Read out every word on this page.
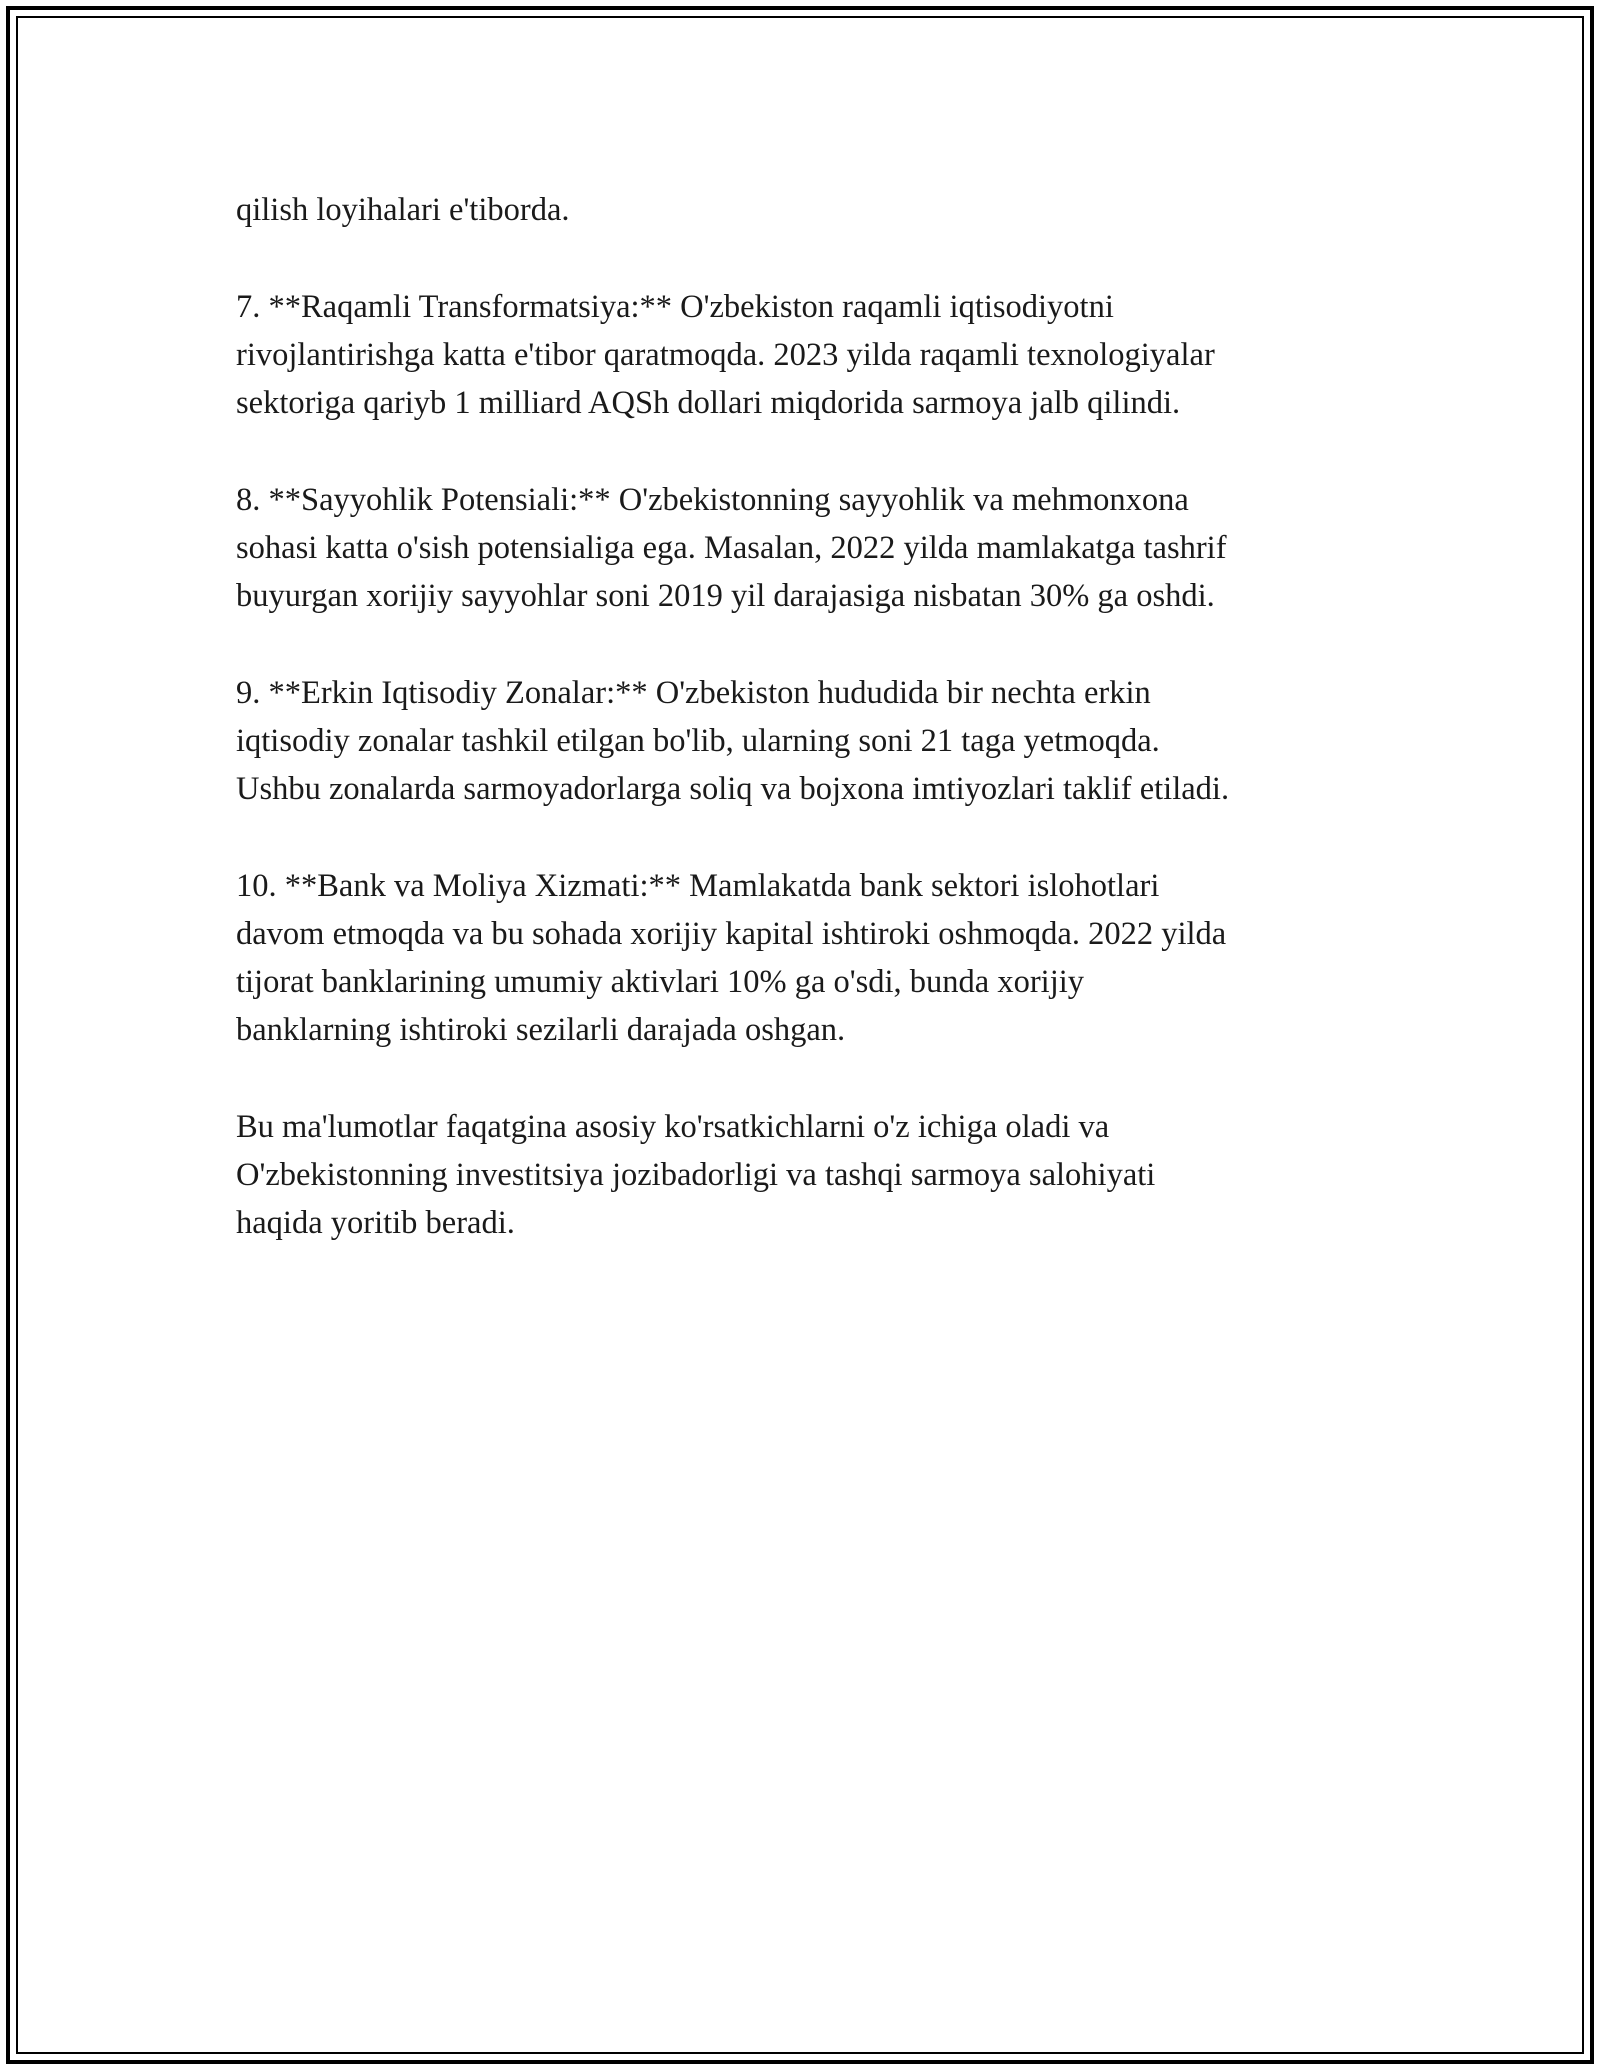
qilish loyihalari e'tiborda.
7. **Raqamli Transformatsiya:** O'zbekiston raqamli iqtisodiyotni
rivojlantirishga katta e'tibor qaratmoqda. 2023 yilda raqamli texnologiyalar
sektoriga qariyb 1 milliard AQSh dollari miqdorida sarmoya jalb qilindi.
8. **Sayyohlik Potensiali:** O'zbekistonning sayyohlik va mehmonxona
sohasi katta o'sish potensialiga ega. Masalan, 2022 yilda mamlakatga tashrif
buyurgan xorijiy sayyohlar soni 2019 yil darajasiga nisbatan 30% ga oshdi.
9. **Erkin Iqtisodiy Zonalar:** O'zbekiston hududida bir nechta erkin
iqtisodiy zonalar tashkil etilgan bo'lib, ularning soni 21 taga yetmoqda.
Ushbu zonalarda sarmoyadorlarga soliq va bojxona imtiyozlari taklif etiladi.
10. **Bank va Moliya Xizmati:** Mamlakatda bank sektori islohotlari
davom etmoqda va bu sohada xorijiy kapital ishtiroki oshmoqda. 2022 yilda
tijorat banklarining umumiy aktivlari 10% ga o'sdi, bunda xorijiy
banklarning ishtiroki sezilarli darajada oshgan.
Bu ma'lumotlar faqatgina asosiy ko'rsatkichlarni o'z ichiga oladi va
O'zbekistonning investitsiya jozibadorligi va tashqi sarmoya salohiyati
haqida yoritib beradi.
